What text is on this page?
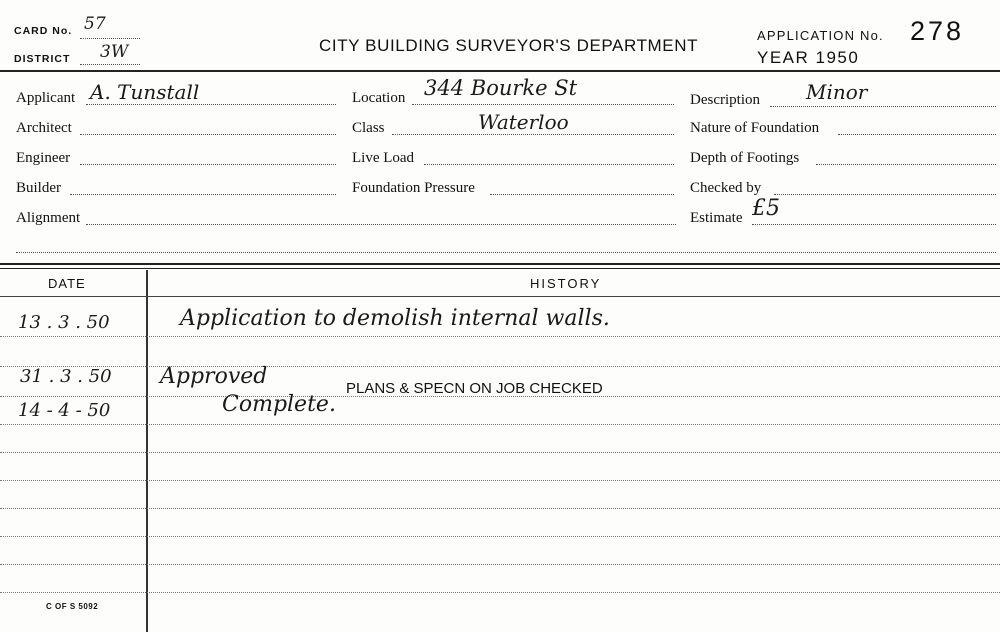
CARD No. 57
DISTRICT 3W	CITY BUILDING SURVEYOR'S DEPARTMENT
APPLICATION No. 278
YEAR 1950
Applicant A. Tunstall
Architect
Engineer
Builder
Alignment
Location 344 Bourke St
Class	Waterloo
Live Load
Foundation Pressure
Description Minor
Nature of Foundation
Depth of Footings
Checked by
Estimate £5
DATE	HISTORY
13 . 3 . 50	Application to demolish internal walls.
31 . 3 . 50 Approved	PLANS & SPECN ON JOB CHECKED
14 - 4 - 50	Complete.
C OF S 5092
